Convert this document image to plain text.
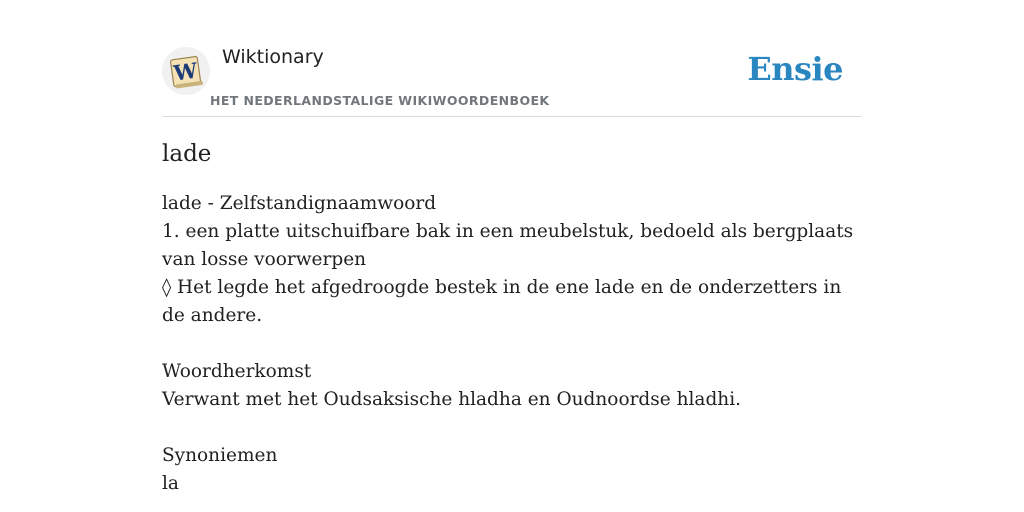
W
Wiktionary
HET NEDERLANDSTALIGE WIKIWOORDENBOEK
Ensie
lade
lade - Zelfstandignaamwoord
1. een platte uitschuifbare bak in een meubelstuk, bedoeld als bergplaats van losse voorwerpen
◊ Het legde het afgedroogde bestek in de ene lade en de onderzetters in de andere.
Woordherkomst
Verwant met het Oudsaksische hladha en Oudnoordse hladhi.
Synoniemen
la
